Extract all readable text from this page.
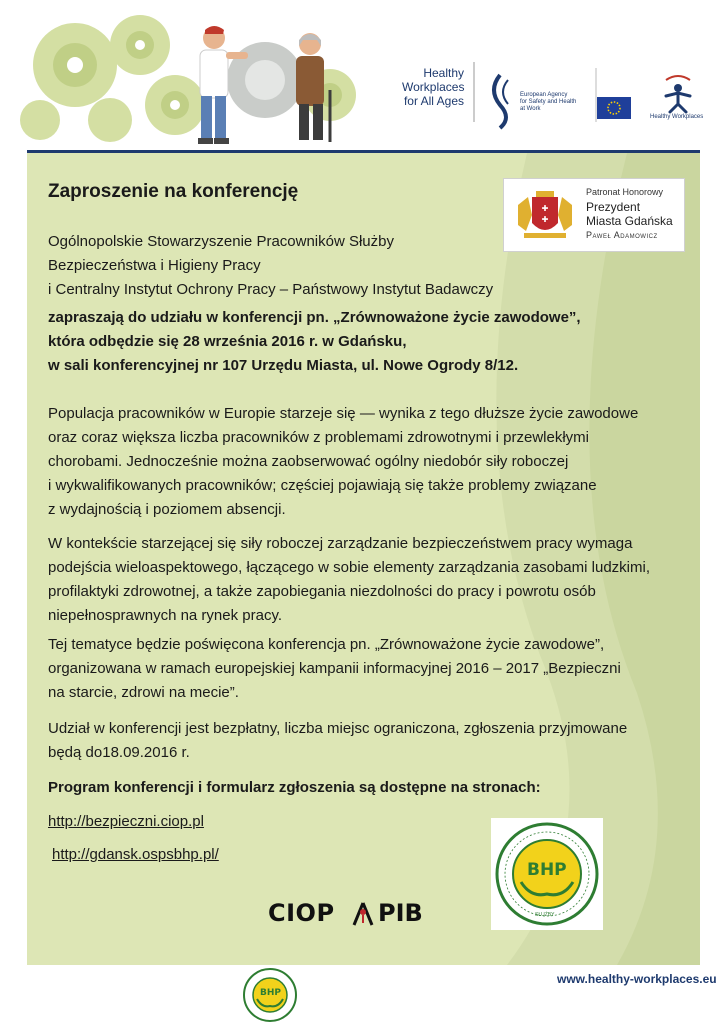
Healthy
Workplaces
for All Ages	European Agency
for Safety and Health
at Work
Healthy Workplaces
✚
✚
Patronat Honorowy
Prezydent
Miasta Gdańska
Paweł Adamowicz
Zaproszenie na konferencję
Ogólnopolskie Stowarzyszenie Pracowników Służby
Bezpieczeństwa i Higieny Pracy
i Centralny Instytut Ochrony Pracy – Państwowy Instytut Badawczy
zapraszają do udziału w konferencji pn. „Zrównoważone życie zawodowe”,
która odbędzie się 28 września 2016 r. w Gdańsku,
w sali konferencyjnej nr 107 Urzędu Miasta, ul. Nowe Ogrody 8/12.
Populacja pracowników w Europie starzeje się — wynika z tego dłuższe życie zawodowe
oraz coraz większa liczba pracowników z problemami zdrowotnymi i przewlekłymi
chorobami. Jednocześnie można zaobserwować ogólny niedobór siły roboczej
i wykwalifikowanych pracowników; częściej pojawiają się także problemy związane
z wydajnością i poziomem absencji.
W kontekście starzejącej się siły roboczej zarządzanie bezpieczeństwem pracy wymaga
podejścia wieloaspektowego, łączącego w sobie elementy zarządzania zasobami ludzkimi,
profilaktyki zdrowotnej, a także zapobiegania niezdolności do pracy i powrotu osób
niepełnosprawnych na rynek pracy.
Tej tematyce będzie poświęcona konferencja pn. „Zrównoważone życie zawodowe”,
organizowana w ramach europejskiej kampanii informacyjnej 2016 – 2017 „Bezpieczni
na starcie, zdrowi na mecie”.
Udział w konferencji jest bezpłatny, liczba miejsc ograniczona, zgłoszenia przyjmowane
będą do18.09.2016 r.
Program konferencji i formularz zgłoszenia są dostępne na stronach:
http://bezpieczni.ciop.pl
http://gdansk.ospsbhp.pl/
CIOP PIB
BHP
SŁUŻBY
BHP
www.healthy-workplaces.eu
